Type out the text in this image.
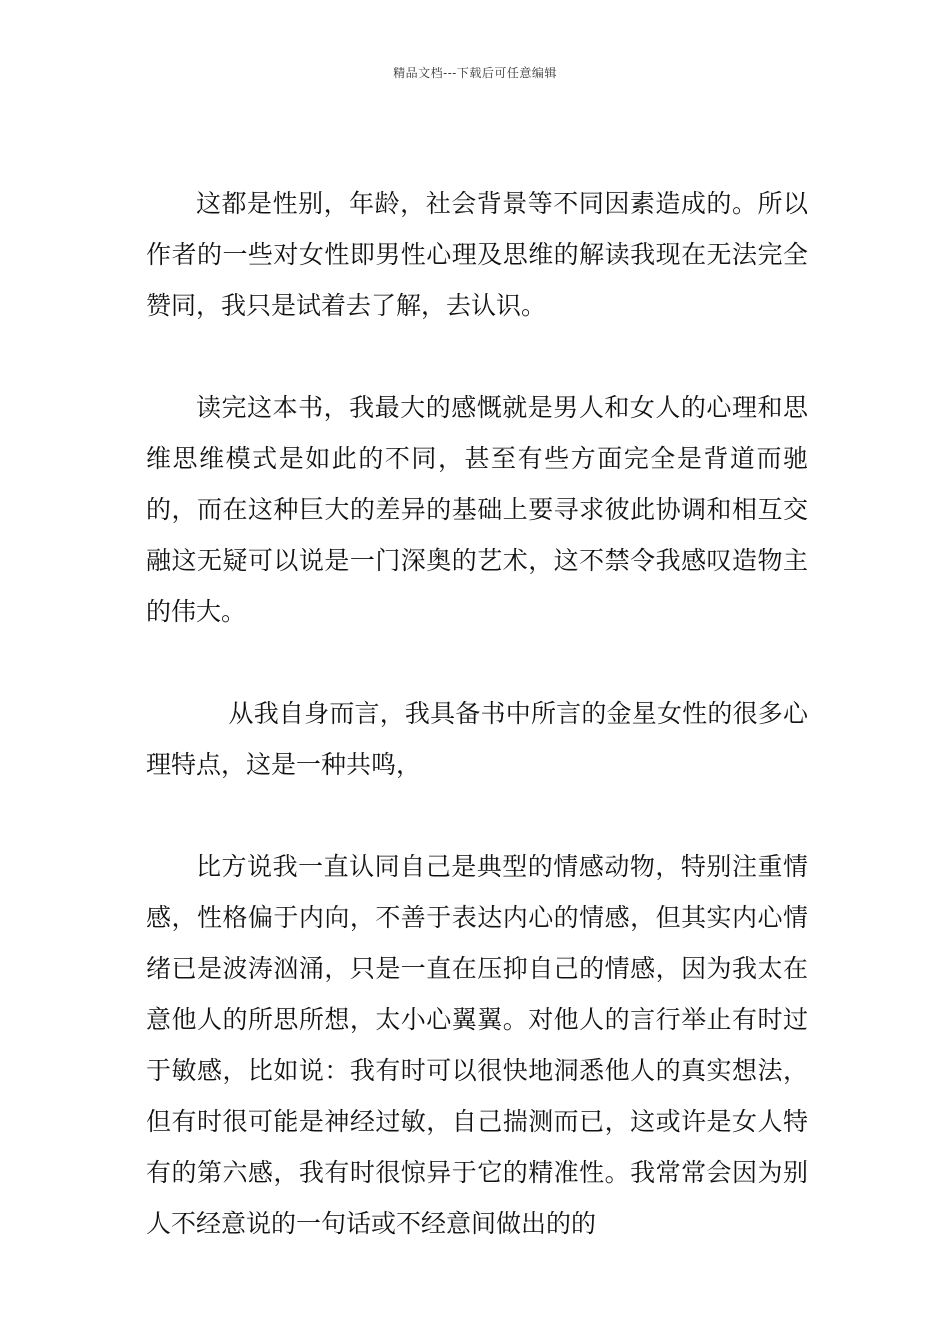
精品文档---下载后可任意编辑

这都是性别，年龄，社会背景等不同因素造成的。所以作者的一些对女性即男性心理及思维的解读我现在无法完全赞同，我只是试着去了解，去认识。

读完这本书，我最大的感慨就是男人和女人的心理和思维思维模式是如此的不同，甚至有些方面完全是背道而驰的，而在这种巨大的差异的基础上要寻求彼此协调和相互交融这无疑可以说是一门深奥的艺术，这不禁令我感叹造物主的伟大。

从我自身而言，我具备书中所言的金星女性的很多心理特点，这是一种共鸣，

比方说我一直认同自己是典型的情感动物，特别注重情感，性格偏于内向，不善于表达内心的情感，但其实内心情绪已是波涛汹涌，只是一直在压抑自己的情感，因为我太在意他人的所思所想，太小心翼翼。对他人的言行举止有时过于敏感，比如说：我有时可以很快地洞悉他人的真实想法，但有时很可能是神经过敏，自己揣测而已，这或许是女人特有的第六感，我有时很惊异于它的精准性。我常常会因为别人不经意说的一句话或不经意间做出的的
